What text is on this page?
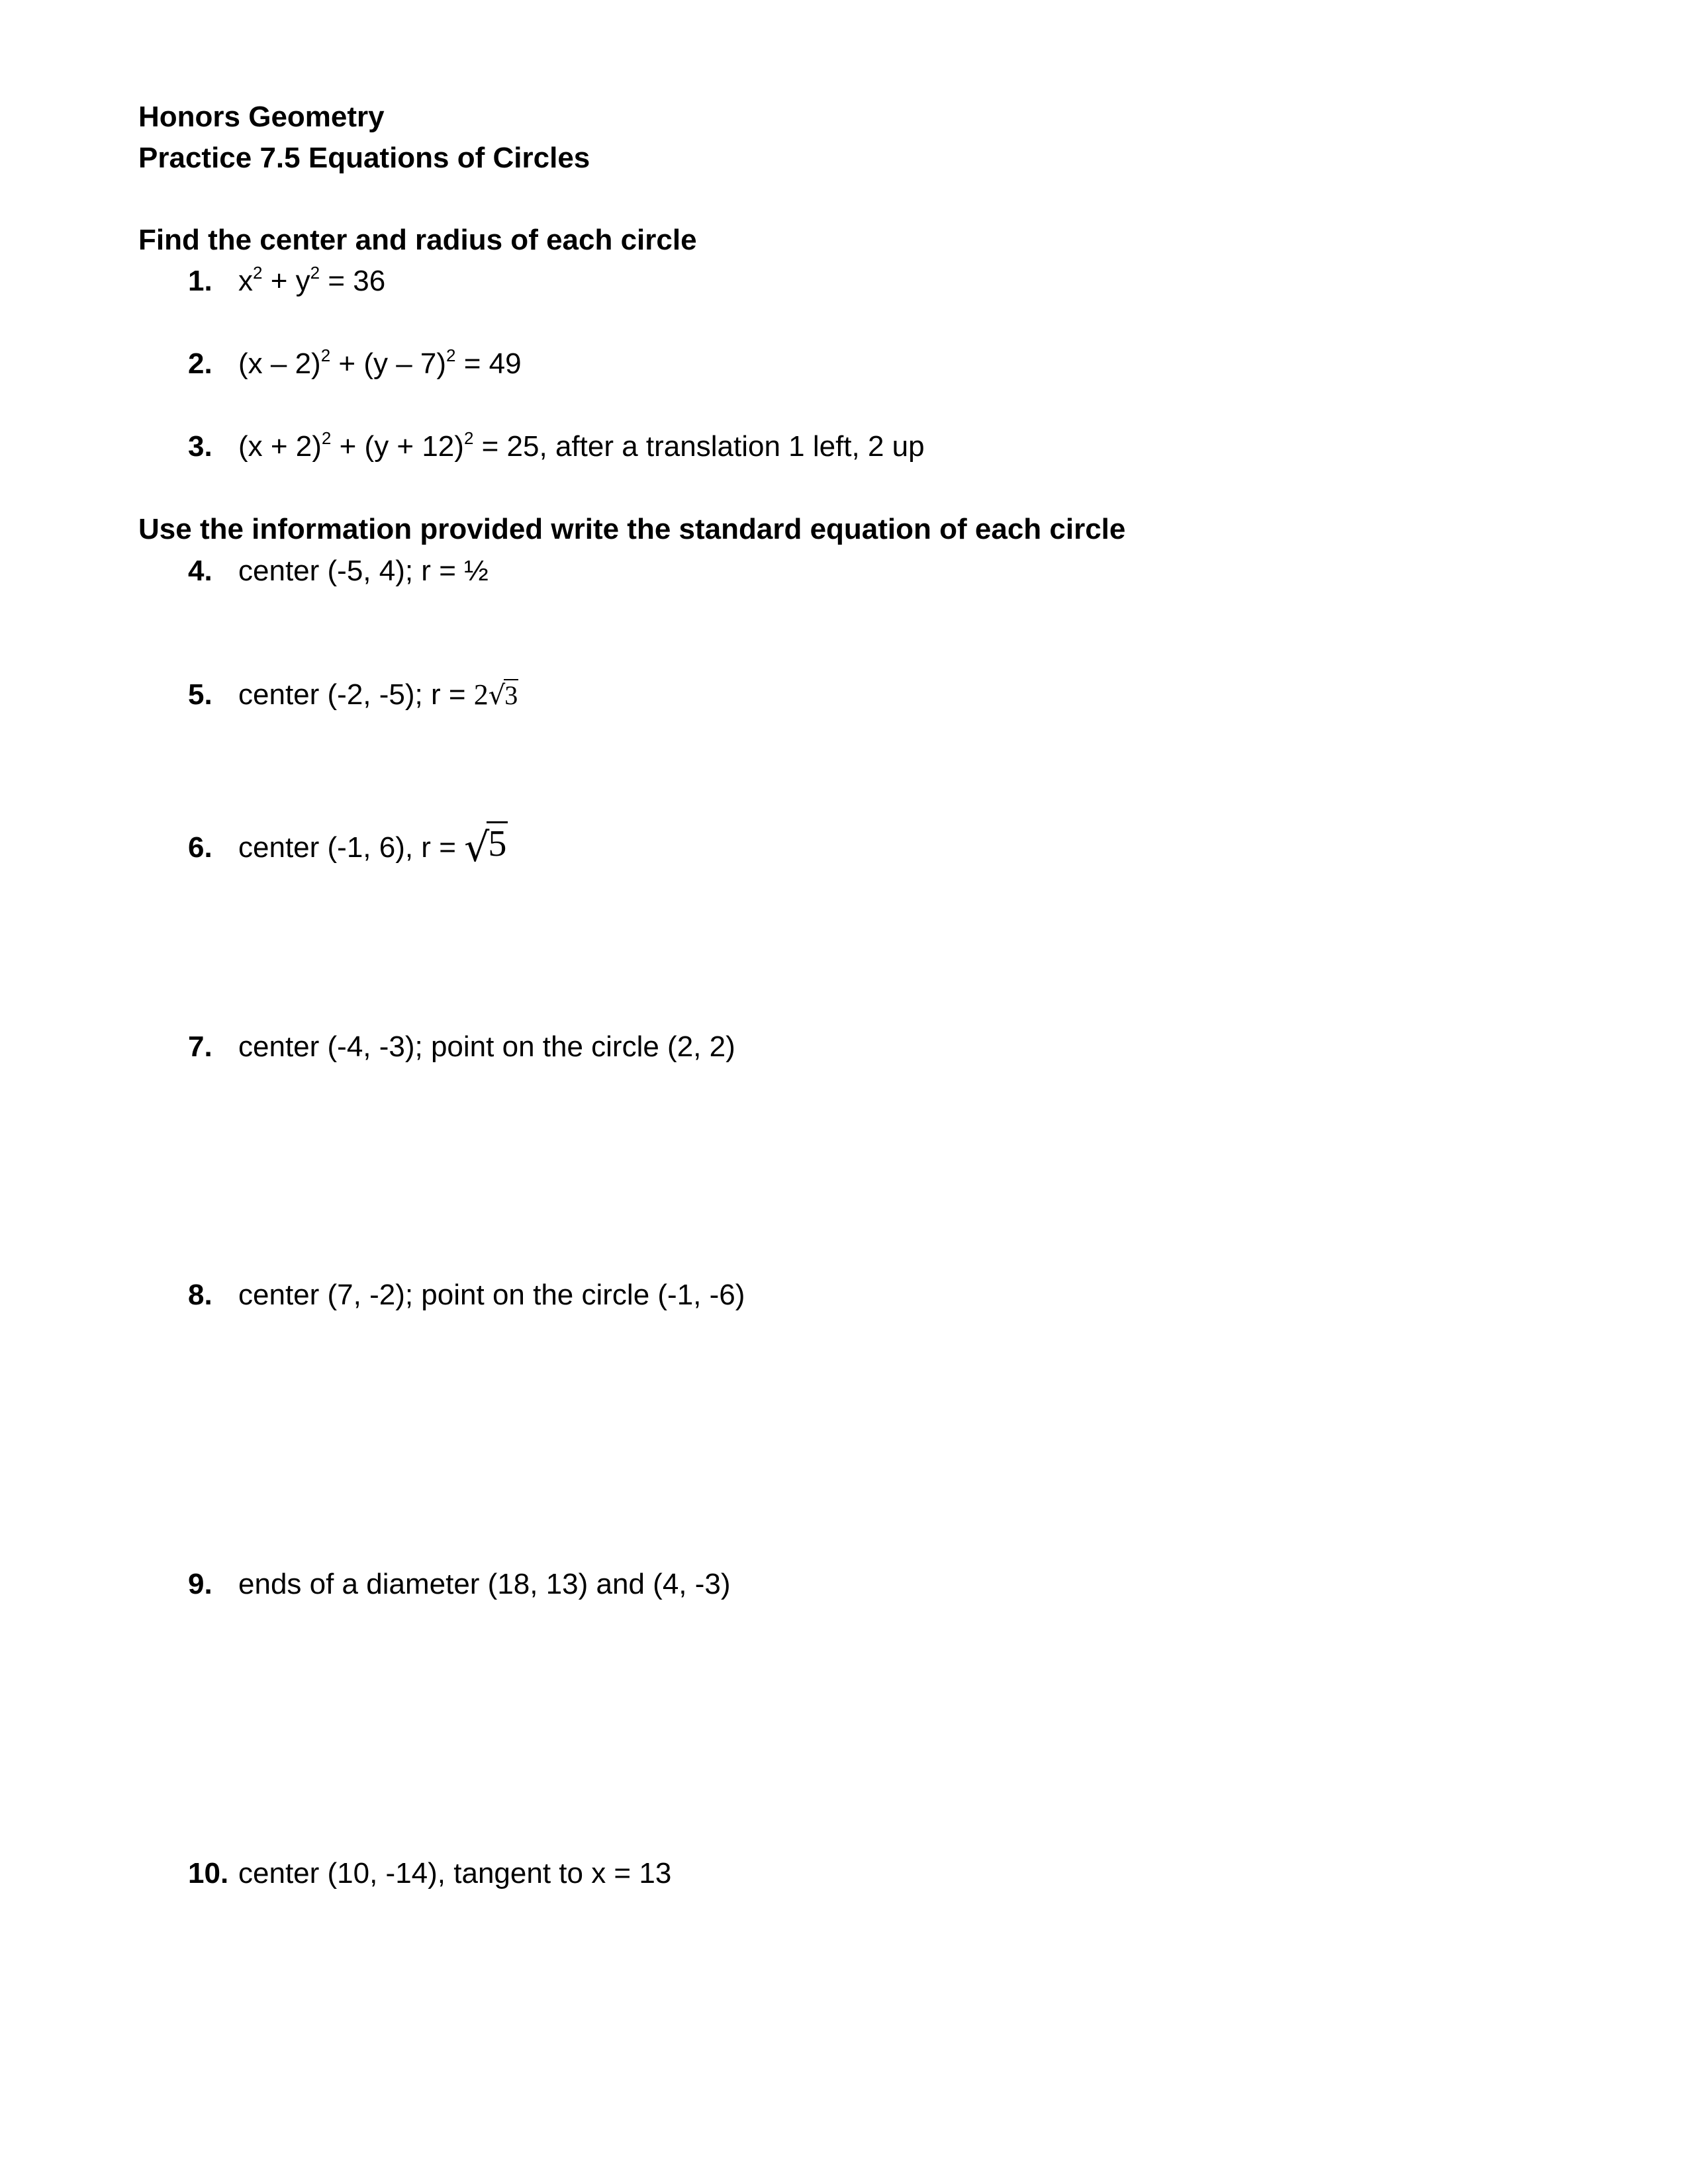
Honors Geometry
Practice 7.5 Equations of Circles
Find the center and radius of each circle
1. $x^2 + y^2 = 36$
2. (x – 2)$^2$ + (y – 7)$^2$ = 49
3. $(x + 2)^2 + (y + 12)^2 = 25$, after a translation 1 left, 2 up
Use the information provided write the standard equation of each circle
4. center (-5, 4); r = ½
5. center (-2, -5); r = 2√3
6. center (-1, 6), r = √5
7. center (-4, -3); point on the circle (2, 2)
8. center (7, -2); point on the circle (-1, -6)
9. ends of a diameter (18, 13) and (4, -3)
10. center (10, -14), tangent to x = 13
